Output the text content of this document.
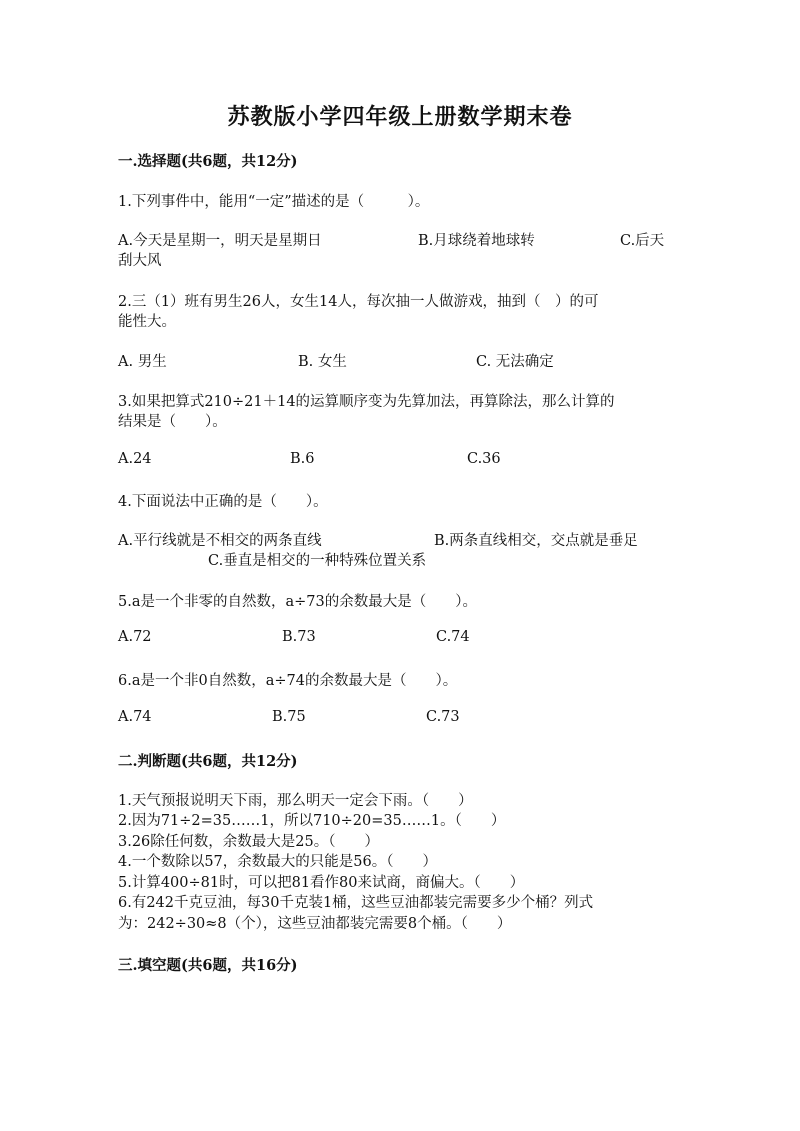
苏教版小学四年级上册数学期末卷
一.选择题(共6题，共12分)
1.下列事件中，能用“一定”描述的是（　　　）。
A.今天是星期一，明天是星期日	B.月球绕着地球转	C.后天
刮大风
2.三（1）班有男生26人，女生14人，每次抽一人做游戏，抽到（　）的可
能性大。
A. 男生	B. 女生	C. 无法确定
3.如果把算式210÷21＋14的运算顺序变为先算加法，再算除法，那么计算的
结果是（　　）。
A.24	B.6	C.36
4.下面说法中正确的是（　　）。
A.平行线就是不相交的两条直线	B.两条直线相交，交点就是垂足
C.垂直是相交的一种特殊位置关系
5.a是一个非零的自然数，a÷73的余数最大是（　　）。
A.72	B.73	C.74
6.a是一个非0自然数，a÷74的余数最大是（　　）。
A.74	B.75	C.73
二.判断题(共6题，共12分)
1.天气预报说明天下雨，那么明天一定会下雨。（　　）
2.因为71÷2=35……1，所以710÷20=35……1。（　　）
3.26除任何数，余数最大是25。（　　）
4.一个数除以57，余数最大的只能是56。（　　）
5.计算400÷81时，可以把81看作80来试商，商偏大。（　　）
6.有242千克豆油，每30千克装1桶，这些豆油都装完需要多少个桶？列式
为：242÷30≈8（个），这些豆油都装完需要8个桶。（　　）
三.填空题(共6题，共16分)
